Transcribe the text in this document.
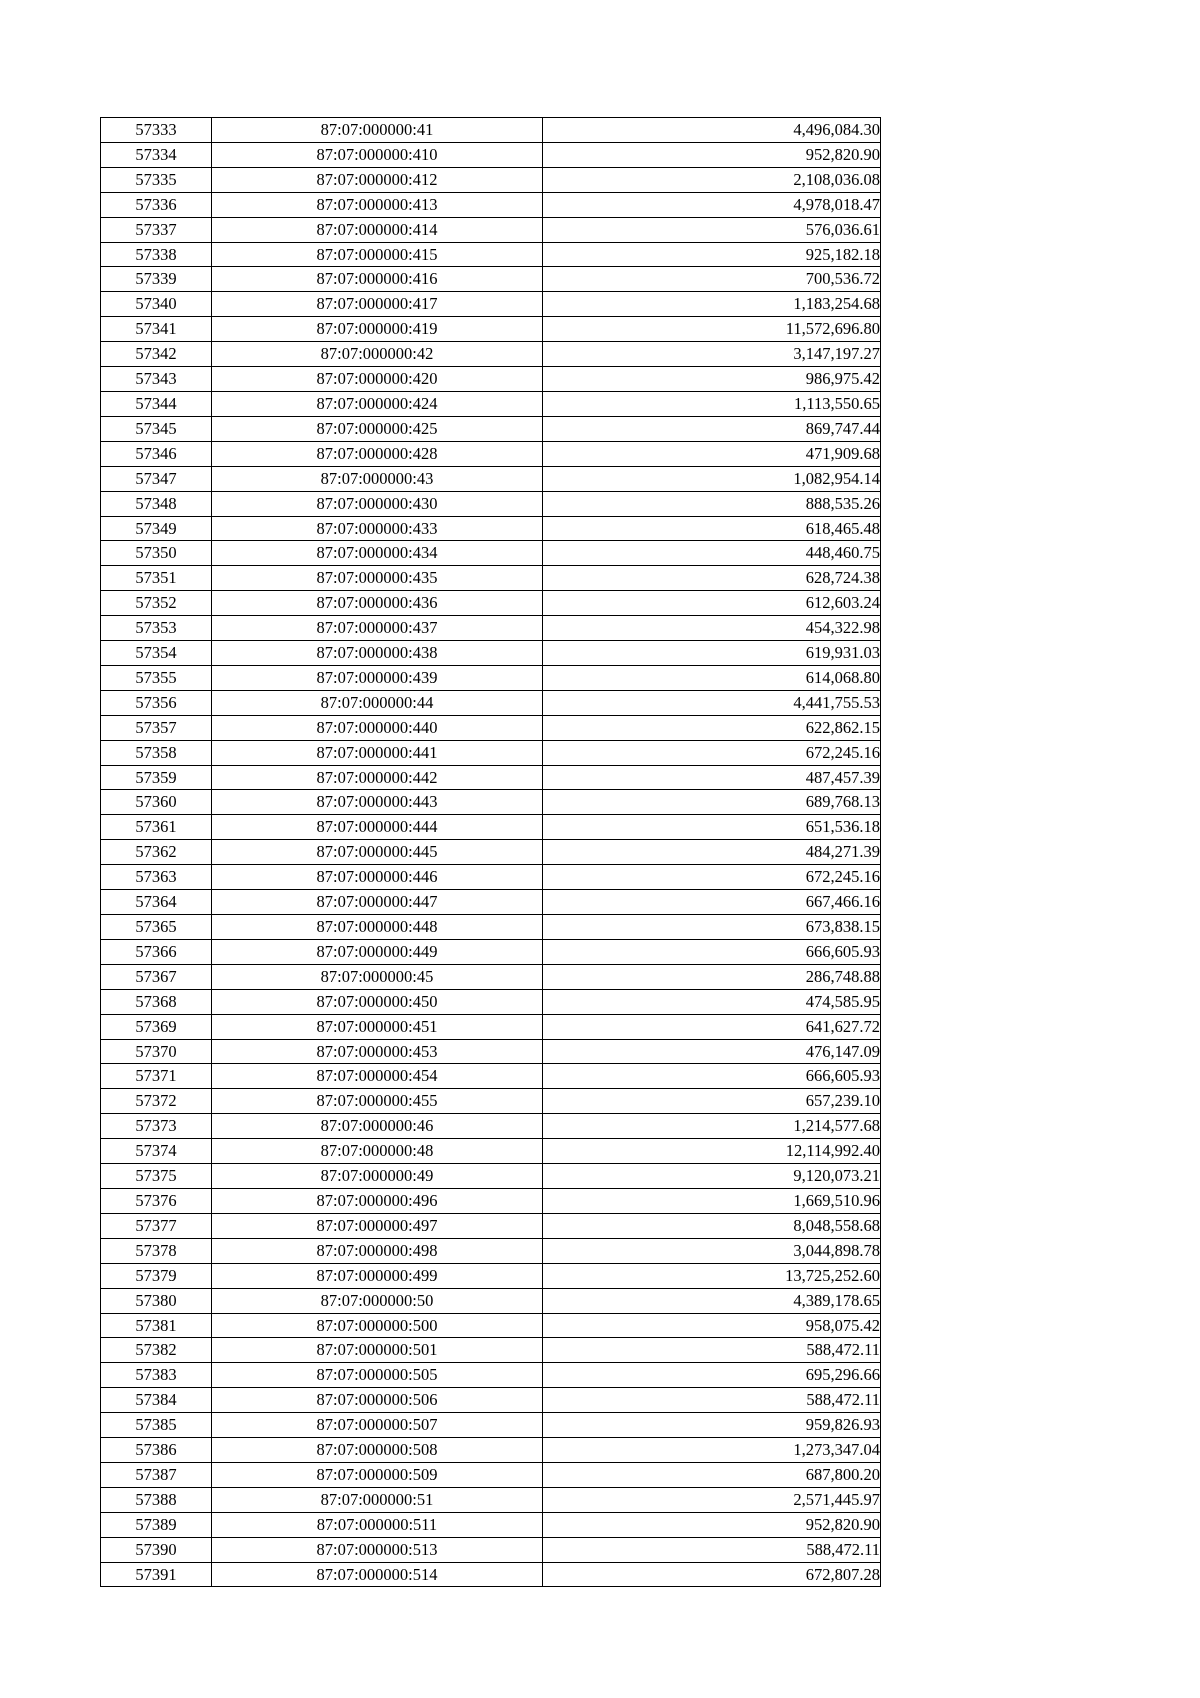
57333	87:07:000000:41	4,496,084.30
57334	87:07:000000:410	952,820.90
57335	87:07:000000:412	2,108,036.08
57336	87:07:000000:413	4,978,018.47
57337	87:07:000000:414	576,036.61
57338	87:07:000000:415	925,182.18
57339	87:07:000000:416	700,536.72
57340	87:07:000000:417	1,183,254.68
57341	87:07:000000:419	11,572,696.80
57342	87:07:000000:42	3,147,197.27
57343	87:07:000000:420	986,975.42
57344	87:07:000000:424	1,113,550.65
57345	87:07:000000:425	869,747.44
57346	87:07:000000:428	471,909.68
57347	87:07:000000:43	1,082,954.14
57348	87:07:000000:430	888,535.26
57349	87:07:000000:433	618,465.48
57350	87:07:000000:434	448,460.75
57351	87:07:000000:435	628,724.38
57352	87:07:000000:436	612,603.24
57353	87:07:000000:437	454,322.98
57354	87:07:000000:438	619,931.03
57355	87:07:000000:439	614,068.80
57356	87:07:000000:44	4,441,755.53
57357	87:07:000000:440	622,862.15
57358	87:07:000000:441	672,245.16
57359	87:07:000000:442	487,457.39
57360	87:07:000000:443	689,768.13
57361	87:07:000000:444	651,536.18
57362	87:07:000000:445	484,271.39
57363	87:07:000000:446	672,245.16
57364	87:07:000000:447	667,466.16
57365	87:07:000000:448	673,838.15
57366	87:07:000000:449	666,605.93
57367	87:07:000000:45	286,748.88
57368	87:07:000000:450	474,585.95
57369	87:07:000000:451	641,627.72
57370	87:07:000000:453	476,147.09
57371	87:07:000000:454	666,605.93
57372	87:07:000000:455	657,239.10
57373	87:07:000000:46	1,214,577.68
57374	87:07:000000:48	12,114,992.40
57375	87:07:000000:49	9,120,073.21
57376	87:07:000000:496	1,669,510.96
57377	87:07:000000:497	8,048,558.68
57378	87:07:000000:498	3,044,898.78
57379	87:07:000000:499	13,725,252.60
57380	87:07:000000:50	4,389,178.65
57381	87:07:000000:500	958,075.42
57382	87:07:000000:501	588,472.11
57383	87:07:000000:505	695,296.66
57384	87:07:000000:506	588,472.11
57385	87:07:000000:507	959,826.93
57386	87:07:000000:508	1,273,347.04
57387	87:07:000000:509	687,800.20
57388	87:07:000000:51	2,571,445.97
57389	87:07:000000:511	952,820.90
57390	87:07:000000:513	588,472.11
57391	87:07:000000:514	672,807.28
